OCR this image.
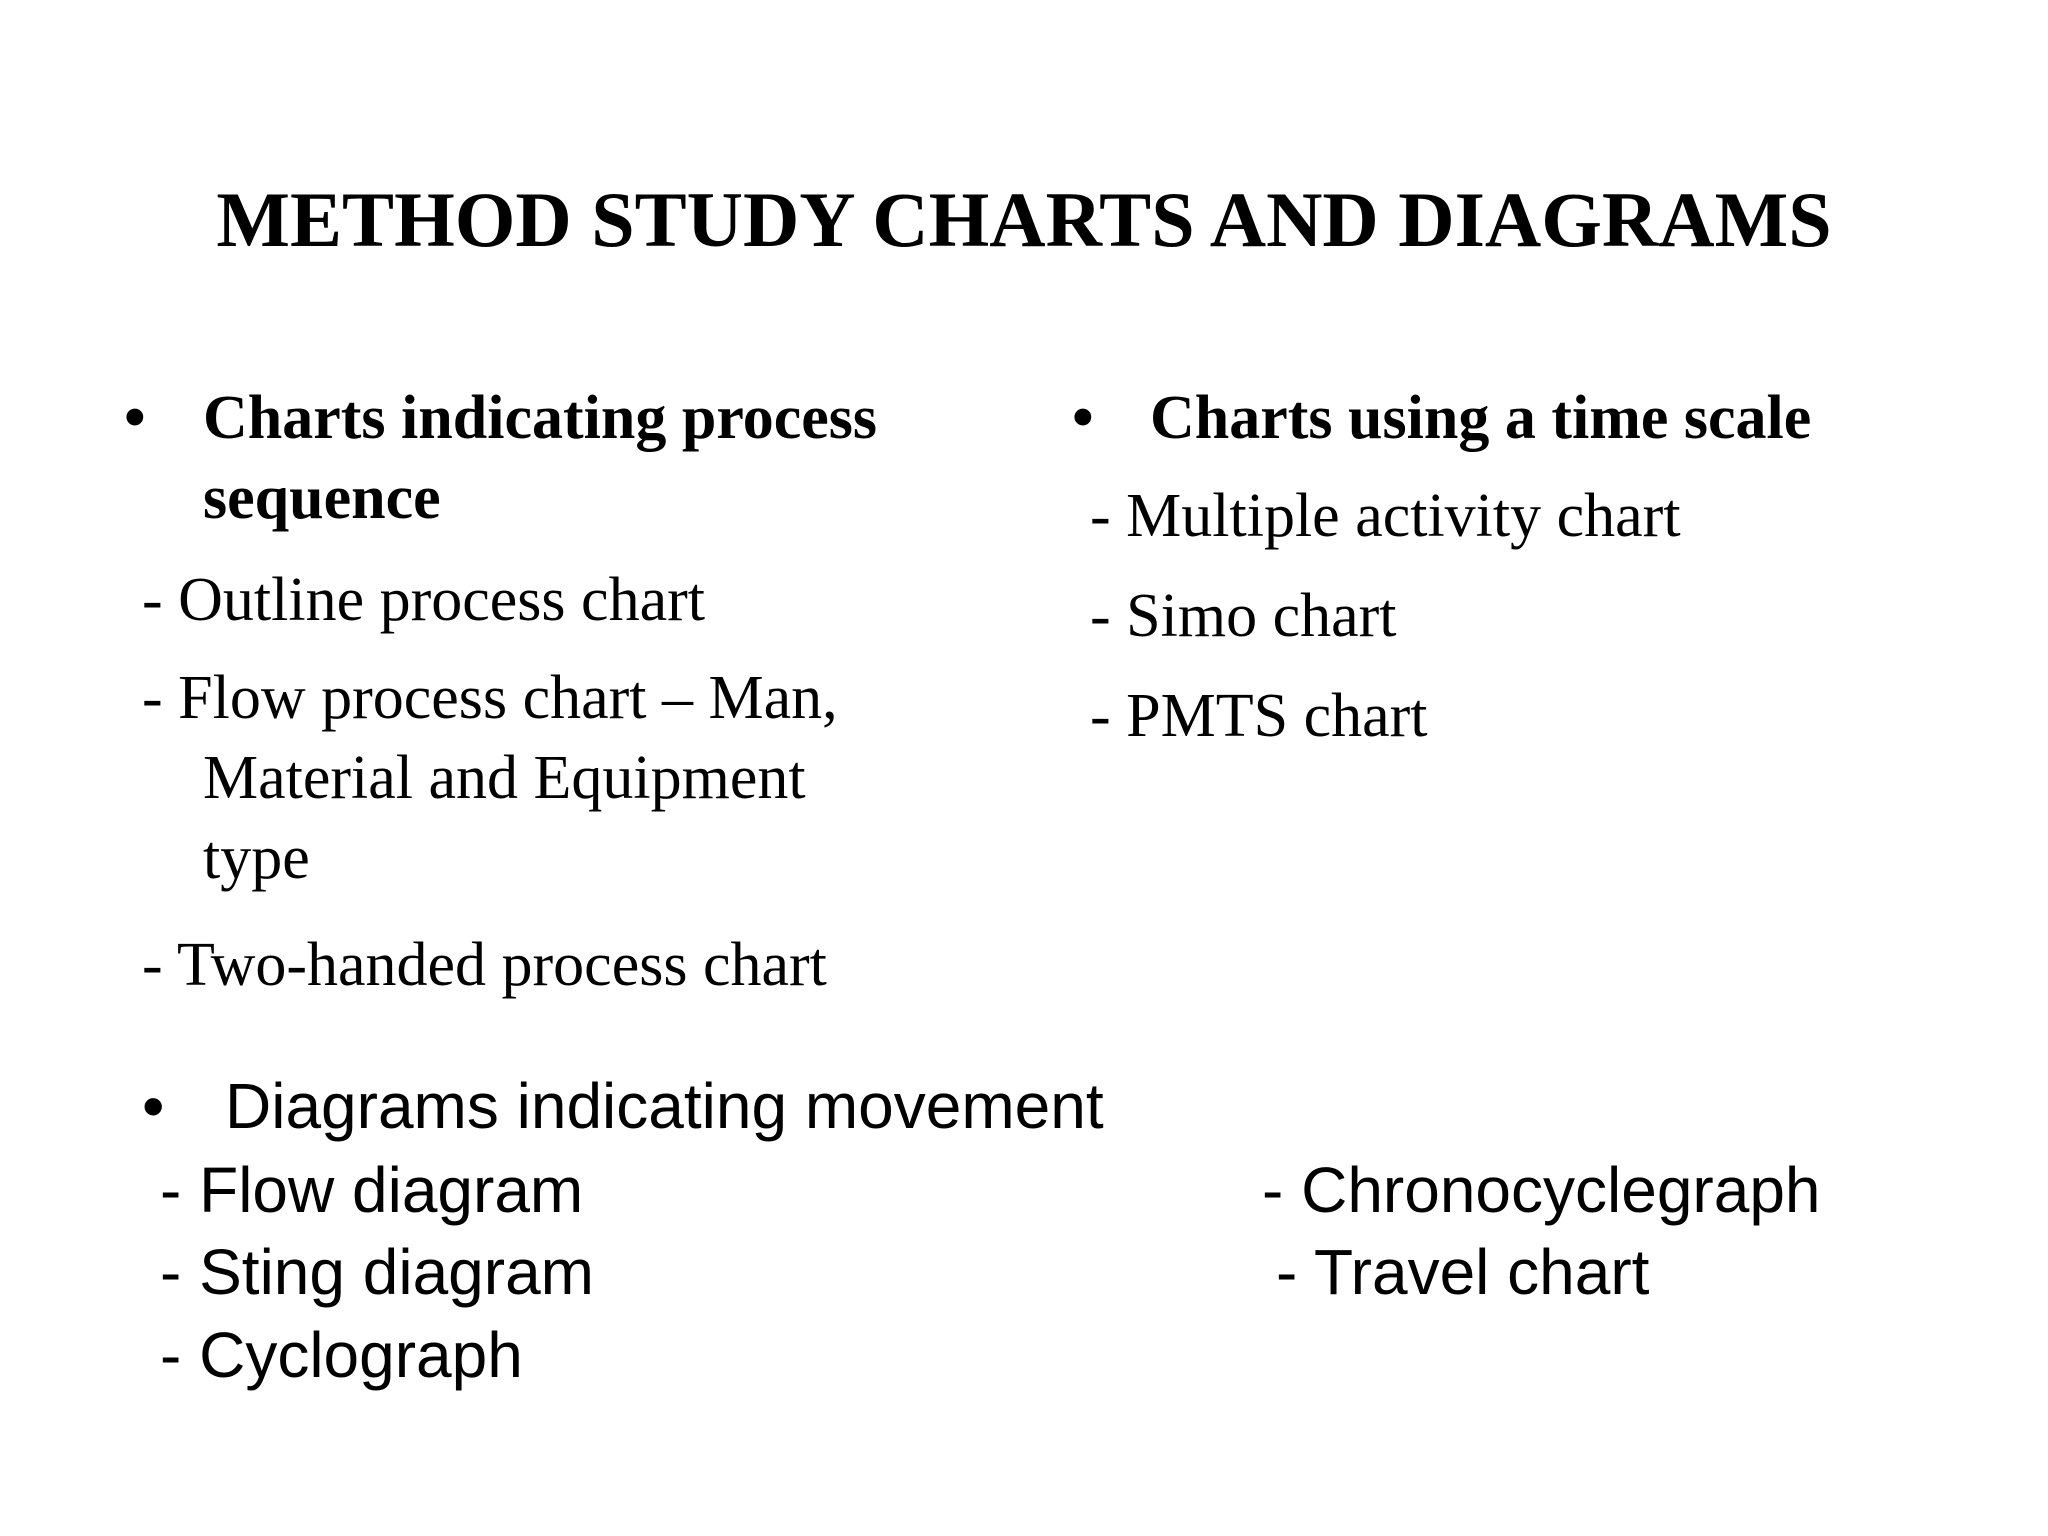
METHOD STUDY CHARTS AND DIAGRAMS
• Charts indicating process
sequence
- Outline process chart
- Flow process chart – Man,
Material and Equipment
type
- Two-handed process chart
• Charts using a time scale
- Multiple activity chart
- Simo chart
- PMTS chart
• Diagrams indicating movement
- Flow diagram
- Sting diagram
- Cyclograph
- Chronocyclegraph
- Travel chart
